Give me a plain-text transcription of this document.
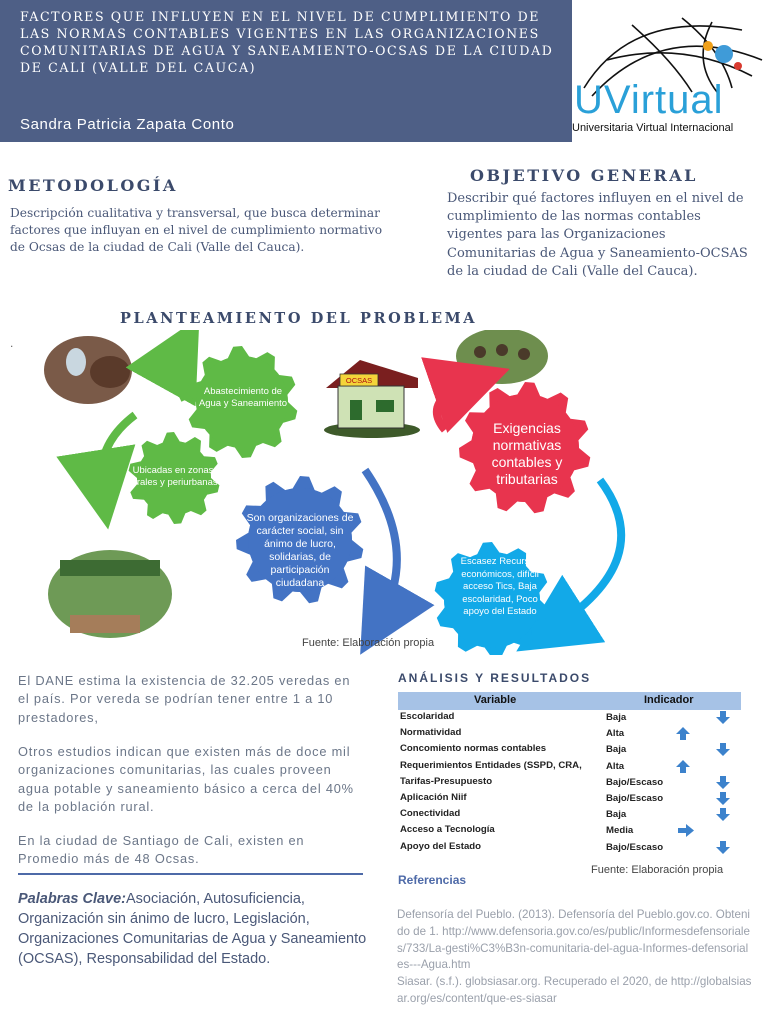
FACTORES QUE INFLUYEN EN EL NIVEL DE CUMPLIMIENTO DE LAS NORMAS CONTABLES VIGENTES EN LAS ORGANIZACIONES COMUNITARIAS DE AGUA Y SANEAMIENTO-OCSAS DE LA CIUDAD DE CALI (VALLE DEL CAUCA)
Sandra Patricia Zapata Conto
UVirtual
Universitaria Virtual Internacional
METODOLOGÍA
Descripción cualitativa y transversal, que busca determinar factores que influyan en el nivel de cumplimiento normativo de Ocsas de la ciudad de Cali (Valle del Cauca).
OBJETIVO GENERAL
Describir qué factores influyen en el nivel de cumplimiento de las normas contables vigentes para las Organizaciones Comunitarias de Agua y Saneamiento-OCSAS de la ciudad de Cali (Valle del Cauca).
PLANTEAMIENTO DEL PROBLEMA
.
OCSAS
Abastecimiento de Agua y Saneamiento
Ubicadas en zonas rurales y periurbanas
Son organizaciones de carácter social, sin ánimo de lucro, solidarias, de participación ciudadana
Exigencias normativas contables y tributarias
Escasez Recursos económicos, difícil acceso Tics, Baja escolaridad, Poco apoyo del Estado
Fuente: Elaboración propia
El DANE estima la existencia de 32.205 veredas en el país. Por vereda se podrían tener entre 1 a 10 prestadores,
Otros estudios indican que existen más de doce mil organizaciones comunitarias, las cuales proveen agua potable y saneamiento básico a cerca del 40% de la población rural.
En la ciudad de Santiago de Cali, existen en Promedio más de 48 Ocsas.
Palabras Clave:Asociación, Autosuficiencia, Organización sin ánimo de lucro, Legislación, Organizaciones Comunitarias de Agua y Saneamiento (OCSAS), Responsabilidad del Estado.
ANÁLISIS Y RESULTADOS
Variable	Indicador
Escolaridad	Baja
Normatividad	Alta
Concomiento normas contables	Baja
Requerimientos Entidades (SSPD, CRA,	Alta
Tarifas-Presupuesto	Bajo/Escaso
Aplicación Niif	Bajo/Escaso
Conectividad	Baja
Acceso a Tecnología	Media
Apoyo del Estado	Bajo/Escaso
Fuente: Elaboración propia
Referencias
Defensoría del Pueblo. (2013). Defensoría del Pueblo.gov.co. Obtenido de 1. http://www.defensoria.gov.co/es/public/Informesdefensoriales/733/La-gesti%C3%B3n-comunitaria-del-agua-Informes-defensoriales---Agua.htm
Siasar. (s.f.). globsiasar.org. Recuperado el 2020, de http://globalsiasar.org/es/content/que-es-siasar
